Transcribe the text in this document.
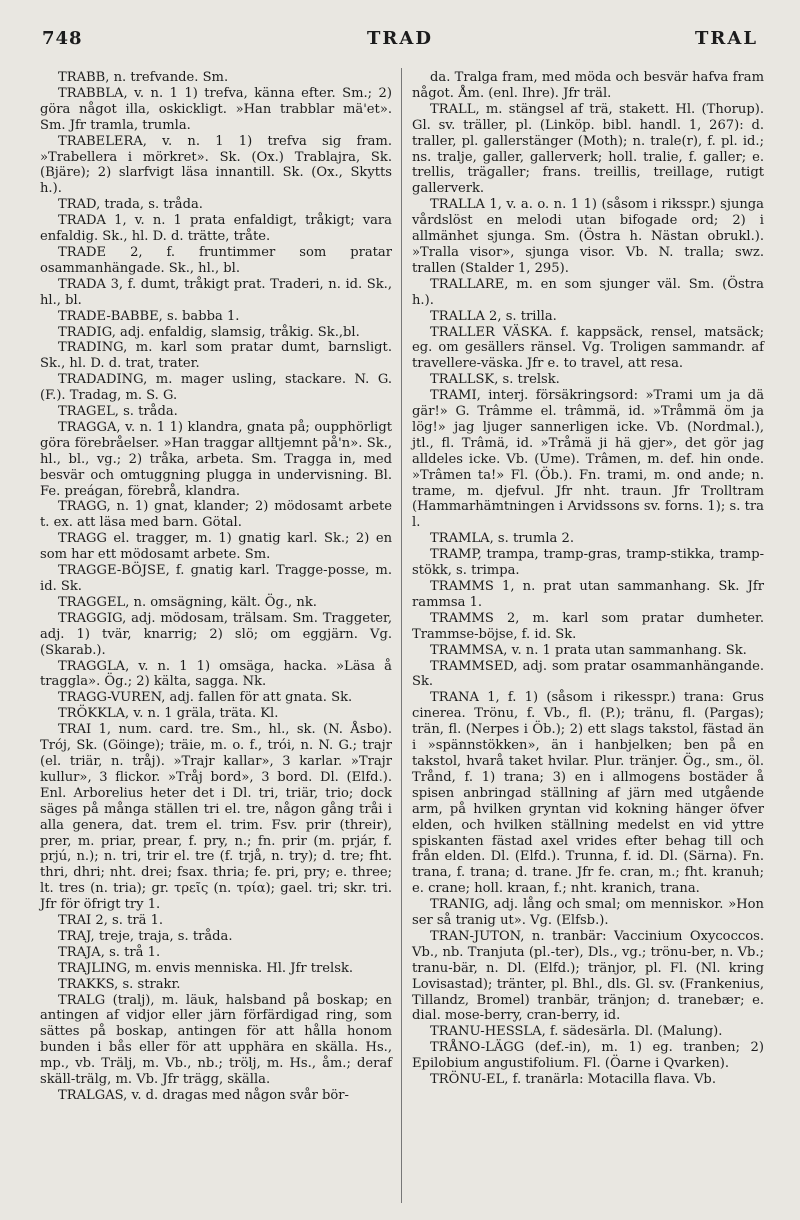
748	TRAD	TRAL

TRABB, n. trefvande. Sm.

TRABBLA, v. n. 1 1) trefva, känna efter. Sm.; 2) göra något illa, oskickligt. »Han trabblar mä'et». Sm. Jfr tramla, trumla.

TRABELERA, v. n. 1 1) trefva sig fram. »Trabellera i mörkret». Sk. (Ox.) Trablajra, Sk. (Bjäre); 2) slarfvigt läsa innantill. Sk. (Ox., Skytts h.).

TRAD, trada, s. tråda.

TRADA 1, v. n. 1 prata enfaldigt, tråkigt; vara enfaldig. Sk., hl. D. d. trätte, tråte.

TRADE 2, f. fruntimmer som pratar osammanhängade. Sk., hl., bl.

TRADA 3, f. dumt, tråkigt prat. Traderi, n. id. Sk., hl., bl.

TRADE-BABBE, s. babba 1.

TRADIG, adj. enfaldig, slamsig, tråkig. Sk.,bl.

TRADING, m. karl som pratar dumt, barnsligt. Sk., hl. D. d. trat, trater.

TRADADING, m. mager usling, stackare. N. G. (F.). Tradag, m. S. G.

TRAGEL, s. tråda.

TRAGGA, v. n. 1 1) klandra, gnata på; oupphörligt göra förebråelser. »Han traggar alltjemnt på'n». Sk., hl., bl., vg.; 2) tråka, arbeta. Sm. Tragga in, med besvär och omtuggning plugga in undervisning. Bl. Fe. preágan, förebrå, klandra.

TRAGG, n. 1) gnat, klander; 2) mödosamt arbete t. ex. att läsa med barn. Götal.

TRAGG el. tragger, m. 1) gnatig karl. Sk.; 2) en som har ett mödosamt arbete. Sm.

TRAGGE-BÖJSE, f. gnatig karl. Tragge-posse, m. id. Sk.

TRAGGEL, n. omsägning, kält. Ög., nk.

TRAGGIG, adj. mödosam, trälsam. Sm. Traggeter, adj. 1) tvär, knarrig; 2) slö; om eggjärn. Vg. (Skarab.).

TRAGGLA, v. n. 1 1) omsäga, hacka. »Läsa å traggla». Ög.; 2) kälta, sagga. Nk.

TRAGG-VUREN, adj. fallen för att gnata. Sk.

TRÖKKLA, v. n. 1 gräla, träta. Kl.

TRAI 1, num. card. tre. Sm., hl., sk. (N. Åsbo). Trój, Sk. (Göinge); träie, m. o. f., trói, n. N. G.; trajr (el. triär, n. tråj). »Trajr kallar», 3 karlar. »Trajr kullur», 3 flickor. »Tråj bord», 3 bord. Dl. (Elfd.). Enl. Arborelius heter det i Dl. tri, triär, trio; dock säges på många ställen tri el. tre, någon gång tråi i alla genera, dat. trem el. trim. Fsv. prir (threir), prer, m. priar, prear, f. pry, n.; fn. prir (m. prjár, f. prjú, n.); n. tri, trir el. tre (f. trjå, n. try); d. tre; fht. thri, dhri; nht. drei; fsax. thria; fe. pri, pry; e. three; lt. tres (n. tria); gr. τρεῖς (n. τρία); gael. tri; skr. tri. Jfr för öfrigt try 1.

TRAI 2, s. trä 1.

TRAJ, treje, traja, s. tråda.

TRAJA, s. trå 1.

TRAJLING, m. envis menniska. Hl. Jfr trelsk.

TRAKKS, s. strakr.

TRALG (tralj), m. läuk, halsband på boskap; en antingen af vidjor eller järn förfärdigad ring, som sättes på boskap, antingen för att hålla honom bunden i bås eller för att upphära en skälla. Hs., mp., vb. Trälj, m. Vb., nb.; trölj, m. Hs., åm.; deraf skäll-trälg, m. Vb. Jfr trägg, skälla.

TRALGAS, v. d. dragas med någon svår bör-

da. Tralga fram, med möda och besvär hafva fram något. Åm. (enl. Ihre). Jfr träl.

TRALL, m. stängsel af trä, stakett. Hl. (Thorup). Gl. sv. träller, pl. (Linköp. bibl. handl. 1, 267): d. traller, pl. gallerstänger (Moth); n. trale(r), f. pl. id.; ns. tralje, galler, gallerverk; holl. tralie, f. galler; e. trellis, trägaller; frans. treillis, treillage, rutigt gallerverk.

TRALLA 1, v. a. o. n. 1 1) (såsom i riksspr.) sjunga vårdslöst en melodi utan bifogade ord; 2) i allmänhet sjunga. Sm. (Östra h. Nästan obrukl.). »Tralla visor», sjunga visor. Vb. N. tralla; swz. trallen (Stalder 1, 295).

TRALLARE, m. en som sjunger väl. Sm. (Östra h.).

TRALLA 2, s. trilla.

TRALLER VÄSKA. f. kappsäck, rensel, matsäck; eg. om gesällers ränsel. Vg. Troligen sammandr. af travellere-väska. Jfr e. to travel, att resa.

TRALLSK, s. trelsk.

TRAMI, interj. försäkringsord: »Trami um ja dä gär!» G. Trâmme el. trâmmä, id. »Tråmmä öm ja lög!» jag ljuger sannerligen icke. Vb. (Nordmal.), jtl., fl. Trâmä, id. »Tråmä ji hä gjer», det gör jag alldeles icke. Vb. (Ume). Trâmen, m. def. hin onde. »Trâmen ta!» Fl. (Öb.). Fn. trami, m. ond ande; n. trame, m. djefvul. Jfr nht. traun. Jfr Trolltram (Hammarhämtningen i Arvidssons sv. forns. 1); s. tra l.

TRAMLA, s. trumla 2.

TRAMP, trampa, tramp-gras, tramp-stikka, tramp-stökk, s. trimpa.

TRAMMS 1, n. prat utan sammanhang. Sk. Jfr rammsa 1.

TRAMMS 2, m. karl som pratar dumheter. Trammse-böjse, f. id. Sk.

TRAMMSA, v. n. 1 prata utan sammanhang. Sk.

TRAMMSED, adj. som pratar osammanhängande. Sk.

TRANA 1, f. 1) (såsom i rikesspr.) trana: Grus cinerea. Trönu, f. Vb., fl. (P.); tränu, fl. (Pargas); trän, fl. (Nerpes i Öb.); 2) ett slags takstol, fästad än i »spännstökken», än i hanbjelken; ben på en takstol, hvarå taket hvilar. Plur. tränjer. Ög., sm., öl. Trånd, f. 1) trana; 3) en i allmogens bostäder å spisen anbringad ställning af järn med utgående arm, på hvilken gryntan vid kokning hänger öfver elden, och hvilken ställning medelst en vid yttre spiskanten fästad axel vrides efter behag till och från elden. Dl. (Elfd.). Trunna, f. id. Dl. (Särna). Fn. trana, f. trana; d. trane. Jfr fe. cran, m.; fht. kranuh; e. crane; holl. kraan, f.; nht. kranich, trana.

TRANIG, adj. lång och smal; om menniskor. »Hon ser så tranig ut». Vg. (Elfsb.).

TRAN-JUTON, n. tranbär: Vaccinium Oxycoccos. Vb., nb. Tranjuta (pl.-ter), Dls., vg.; trönu-ber, n. Vb.; tranu-bär, n. Dl. (Elfd.); tränjor, pl. Fl. (Nl. kring Lovisastad); tränter, pl. Bhl., dls. Gl. sv. (Frankenius, Tillandz, Bromel) tranbär, tränjon; d. tranebær; e. dial. mose-berry, cran-berry, id.

TRANU-HESSLA, f. sädesärla. Dl. (Malung).

TRÅNO-LÄGG (def.-in), m. 1) eg. tranben; 2) Epilobium angustifolium. Fl. (Öarne i Qvarken).

TRÖNU-EL, f. tranärla: Motacilla flava. Vb.
